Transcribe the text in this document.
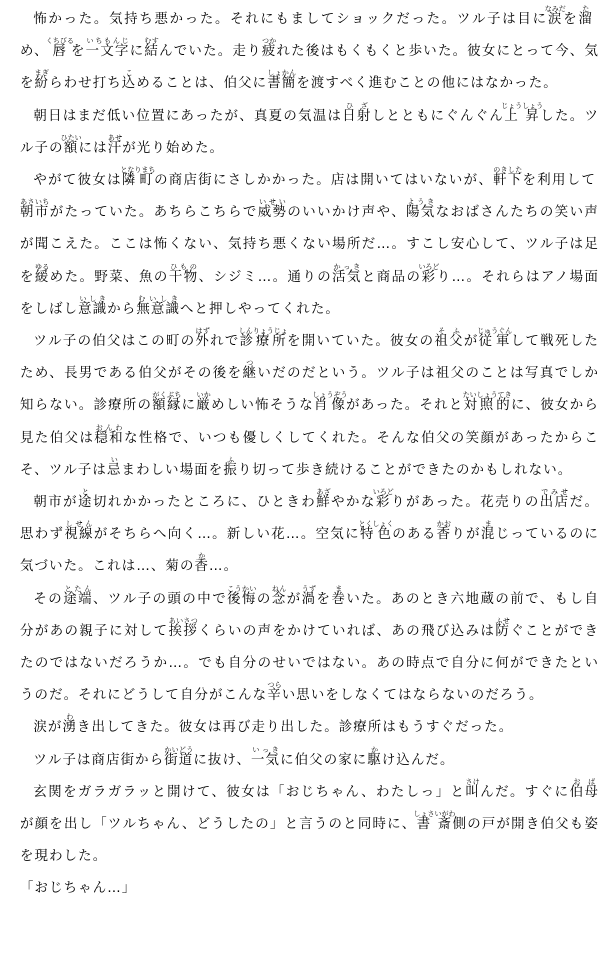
怖かった。気持ち悪かった。それにもましてショックだった。ツル子は目に涙なみだを溜ため、唇くちびるを一文字いちもんじに結むすんでいた。走り疲つかれた後はもくもくと歩いた。彼女にとって今、気を紛まぎらわせ打ち込こめることは、伯父に書簡しょかんを渡すべく進むことの他にはなかった。

朝日はまだ低い位置にあったが、真夏の気温は日射ひざしとともにぐんぐん上昇じょうしょうした。ツル子の額ひたいには汗あせが光り始めた。

やがて彼女は隣町となりまちの商店街にさしかかった。店は開いてはいないが、軒下のきしたを利用して朝市あさいちがたっていた。あちらこちらで威勢いせいのいいかけ声や、陽気ようきなおばさんたちの笑い声が聞こえた。ここは怖くない、気持ち悪くない場所だ…。すこし安心して、ツル子は足を緩ゆるめた。野菜、魚の干物ひもの、シジミ…。通りの活気かっきと商品の彩いろどり…。それらはアノ場面をしばし意識いしきから無意識むいしきへと押しやってくれた。

ツル子の伯父はこの町の外はずれで診療所しんりょうじょを開いていた。彼女の祖父そふが従軍じゅうぐんして戦死したため、長男である伯父がその後を継ついだのだという。ツル子は祖父のことは写真でしか知らない。診療所の額縁がくぶちに厳いかめしい怖そうな肖像しょうぞうがあった。それと対照的たいしょうてきに、彼女から見た伯父は穏和おんわな性格で、いつも優しくしてくれた。そんな伯父の笑顔があったからこそ、ツル子は忌いまわしい場面を振ふり切って歩き続けることができたのかもしれない。

朝市が途と切れかかったところに、ひときわ鮮あざやかな彩いろどりがあった。花売りの出店でみせだ。思わず視線しせんがそちらへ向く…。新しい花…。空気に特色とくしょくのある香かおりが混まじっているのに気づいた。これは…、菊の香か…。

その途端とたん、ツル子の頭の中で後悔こうかいの念ねんが渦うずを巻まいた。あのとき六地蔵の前で、もし自分があの親子に対して挨拶あいさつくらいの声をかけていれば、あの飛び込みは防ふせぐことができたのではないだろうか…。でも自分のせいではない。あの時点で自分に何ができたというのだ。それにどうして自分がこんな辛つらい思いをしなくてはならないのだろう。

涙が湧わき出してきた。彼女は再び走り出した。診療所はもうすぐだった。

ツル子は商店街から街道かいどうに抜け、一気いっきに伯父の家に駆かけ込んだ。

玄関をガラガラッと開けて、彼女は「おじちゃん、わたしっ」と叫さけんだ。すぐに伯母おばが顔を出し「ツルちゃん、どうしたの」と言うのと同時に、書斎しょさいがわ側の戸が開き伯父も姿を現わした。

「おじちゃん…」
